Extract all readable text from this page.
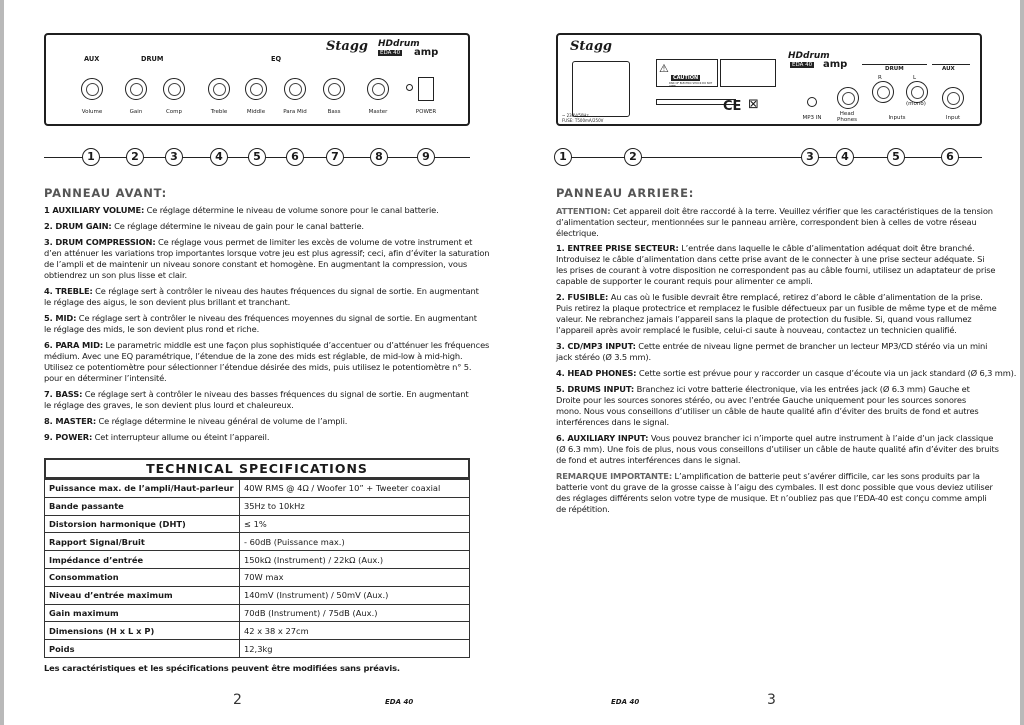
Stagg HDdrum
EDA 40 amp
AUX	DRUM	EQ
Volume	Gain	Comp	Treble	Middle	Para Mid	Bass	Master	POWER
1	2	3	4	5	6	7	8	9
PANNEAU AVANT:
1 AUXILIARY VOLUME: Ce réglage détermine le niveau de volume sonore pour le canal batterie.
2. DRUM GAIN: Ce réglage détermine le niveau de gain pour le canal batterie.
3. DRUM COMPRESSION: Ce réglage vous permet de limiter les excès de volume de votre instrument et
d’en atténuer les variations trop importantes lorsque votre jeu est plus agressif; ceci, afin d’éviter la saturation
de l’ampli et de maintenir un niveau sonore constant et homogène. En augmentant la compression, vous
obtiendrez un son plus lisse et clair.
4. TREBLE: Ce réglage sert à contrôler le niveau des hautes fréquences du signal de sortie. En augmentant
le réglage des aigus, le son devient plus brillant et tranchant.
5. MID: Ce réglage sert à contrôler le niveau des fréquences moyennes du signal de sortie. En augmentant
le réglage des mids, le son devient plus rond et riche.
6. PARA MID: Le parametric middle est une façon plus sophistiquée d’accentuer ou d’atténuer les fréquences
médium. Avec une EQ paramétrique, l’étendue de la zone des mids est réglable, de mid-low à mid-high.
Utilisez ce potentiomètre pour sélectionner l’étendue désirée des mids, puis utilisez le potentiomètre n° 5.
pour en déterminer l’intensité.
7. BASS: Ce réglage sert à contrôler le niveau des basses fréquences du signal de sortie. En augmentant
le réglage des graves, le son devient plus lourd et chaleureux.
8. MASTER: Ce réglage détermine le niveau général de volume de l’ampli.
9. POWER: Cet interrupteur allume ou éteint l’appareil.
TECHNICAL SPECIFICATIONS
Puissance max. de l’ampli/Haut-parleur	40W RMS @ 4Ω / Woofer 10” + Tweeter coaxial
Bande passante	35Hz to 10kHz
Distorsion harmonique (DHT)	≤ 1%
Rapport Signal/Bruit	- 60dB (Puissance max.)
Impédance d’entrée	150kΩ (Instrument) / 22kΩ (Aux.)
Consommation	70W max
Niveau d’entrée maximum	140mV (Instrument) / 50mV (Aux.)
Gain maximum	70dB (Instrument) / 75dB (Aux.)
Dimensions (H x L x P)	42 x 38 x 27cm
Poids	12,3kg
Les caractéristiques et les spécifications peuvent être modifiées sans préavis.
2	EDA 40
Stagg
~ 230V/50Hz
FUSE: T500mA/250V
⚠
CAUTION
RISK OF ELECTRIC SHOCK DO NOT OPEN
CE ⊠
HDdrum
EDA 40 amp	DRUM	AUX
R	L
(mono)
MP3 IN
Head Phones	Inputs	Input
1	2	3	4	5	6
PANNEAU ARRIERE:
ATTENTION: Cet appareil doit être raccordé à la terre. Veuillez vérifier que les caractéristiques de la tension
d’alimentation secteur, mentionnées sur le panneau arrière, correspondent bien à celles de votre réseau
électrique.
1. ENTREE PRISE SECTEUR: L’entrée dans laquelle le câble d’alimentation adéquat doit être branché.
Introduisez le câble d’alimentation dans cette prise avant de le connecter à une prise secteur adéquate. Si
les prises de courant à votre disposition ne correspondent pas au câble fourni, utilisez un adaptateur de prise
capable de supporter le courant requis pour alimenter ce ampli.
2. FUSIBLE: Au cas où le fusible devrait être remplacé, retirez d’abord le câble d’alimentation de la prise.
Puis retirez la plaque protectrice et remplacez le fusible défectueux par un fusible de même type et de même
valeur. Ne rebranchez jamais l’appareil sans la plaque de protection du fusible. Si, quand vous rallumez
l’appareil après avoir remplacé le fusible, celui-ci saute à nouveau, contactez un technicien qualifié.
3. CD/MP3 INPUT: Cette entrée de niveau ligne permet de brancher un lecteur MP3/CD stéréo via un mini
jack stéréo (Ø 3.5 mm).
4. HEAD PHONES: Cette sortie est prévue pour y raccorder un casque d’écoute via un jack standard (Ø 6,3 mm).
5. DRUMS INPUT: Branchez ici votre batterie électronique, via les entrées jack (Ø 6.3 mm) Gauche et
Droite pour les sources sonores stéréo, ou avec l’entrée Gauche uniquement pour les sources sonores
mono. Nous vous conseillons d’utiliser un câble de haute qualité afin d’éviter des bruits de fond et autres
interférences dans le signal.
6. AUXILIARY INPUT: Vous pouvez brancher ici n’importe quel autre instrument à l’aide d’un jack classique
(Ø 6.3 mm). Une fois de plus, nous vous conseillons d’utiliser un câble de haute qualité afin d’éviter des bruits
de fond et autres interférences dans le signal.
REMARQUE IMPORTANTE: L’amplification de batterie peut s’avérer difficile, car les sons produits par la
batterie vont du grave de la grosse caisse à l’aigu des cymbales. Il est donc possible que vous deviez utiliser
des réglages différents selon votre type de musique. Et n’oubliez pas que l’EDA-40 est conçu comme ampli
de répétition.
EDA 40	3
